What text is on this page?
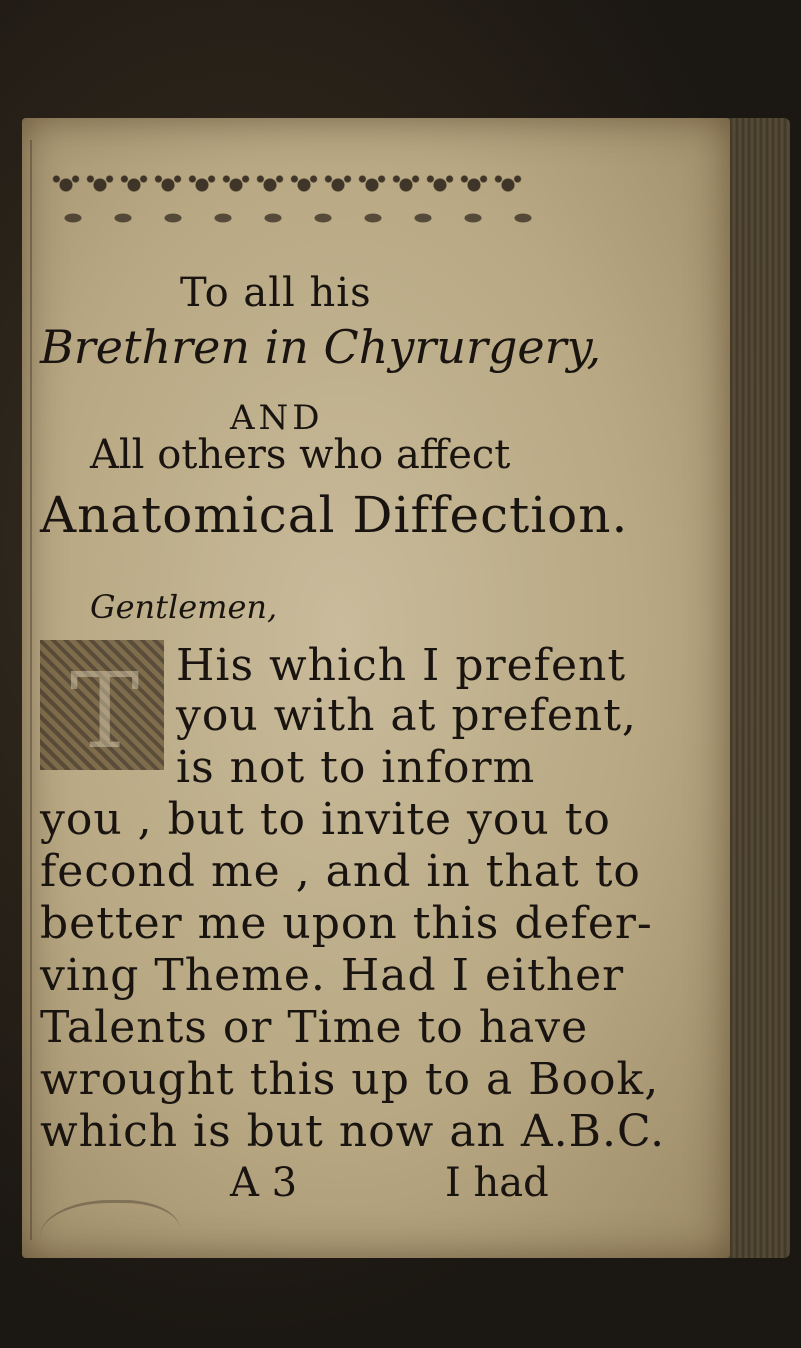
To all his
Brethren in Chyrurgery,
AND
All others who affect
Anatomical Diffection.
Gentlemen,
T His which I prefent
you with at prefent,
is not to inform
you , but to invite you to
fecond me , and in that to
better me upon this defer-
ving Theme. Had I either
Talents or Time to have
wrought this up to a Book,
which is but now an A.B.C.
A 3	I had
